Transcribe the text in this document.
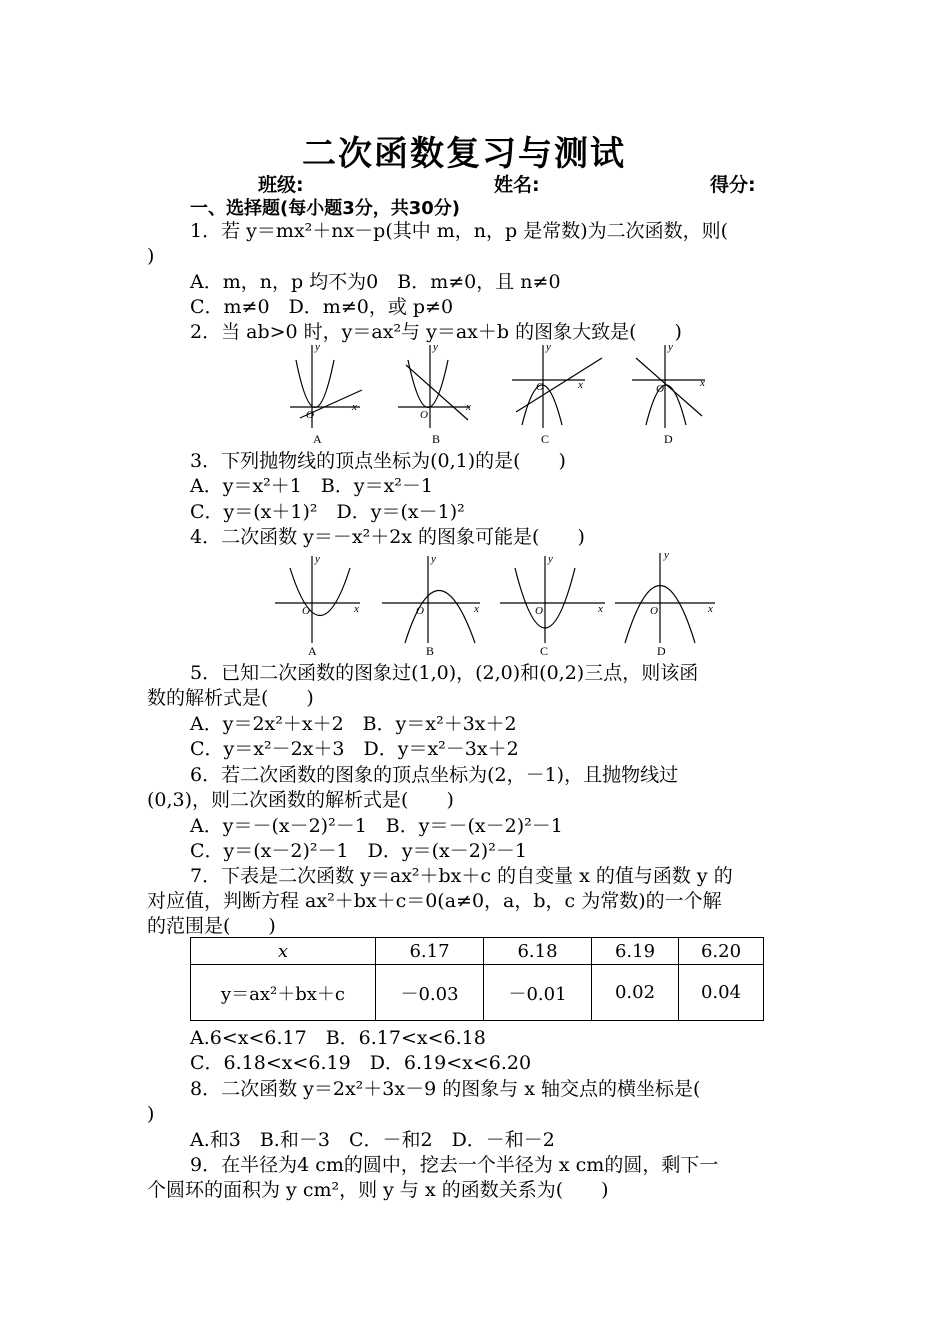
二次函数复习与测试
班级:	姓名:	得分:
一、选择题(每小题3分，共30分)
1．若 y＝mx²＋nx－p(其中 m，n，p 是常数)为二次函数，则(
)
A．m，n，p 均不为0　B．m≠0，且 n≠0
C．m≠0　D．m≠0，或 p≠0
2．当 ab>0 时，y＝ax²与 y＝ax＋b 的图象大致是(　　)
y
x
O
y
x
O
y
x
O
y
x
O
A	B	C	D
3．下列抛物线的顶点坐标为(0,1)的是(　　)
A．y＝x²＋1　B．y＝x²－1
C．y＝(x＋1)²　D．y＝(x－1)²
4．二次函数 y＝－x²＋2x 的图象可能是(　　)
y
x
O
y
x
O
y
x
O
y
x
O
A	B	C	D
5．已知二次函数的图象过(1,0)，(2,0)和(0,2)三点，则该函
数的解析式是(　　)
A．y＝2x²＋x＋2　B．y＝x²＋3x＋2
C．y＝x²－2x＋3　D．y＝x²－3x＋2
6．若二次函数的图象的顶点坐标为(2，－1)，且抛物线过
(0,3)，则二次函数的解析式是(　　)
A．y＝－(x－2)²－1　B．y＝－(x－2)²－1
C．y＝(x－2)²－1　D．y＝(x－2)²－1
7．下表是二次函数 y＝ax²＋bx＋c 的自变量 x 的值与函数 y 的
对应值，判断方程 ax²＋bx＋c＝0(a≠0，a，b，c 为常数)的一个解
的范围是(　　)
x	6.17	6.18	6.19	6.20
y＝ax²＋bx＋c	－0.03	－0.01	0.02	0.04
A.6<x<6.17　B．6.17<x<6.18
C．6.18<x<6.19　D．6.19<x<6.20
8．二次函数 y＝2x²＋3x－9 的图象与 x 轴交点的横坐标是(
)
A.和3　B.和－3　C．－和2　D．－和－2
9．在半径为4 cm的圆中，挖去一个半径为 x cm的圆，剩下一
个圆环的面积为 y cm²，则 y 与 x 的函数关系为(　　)
